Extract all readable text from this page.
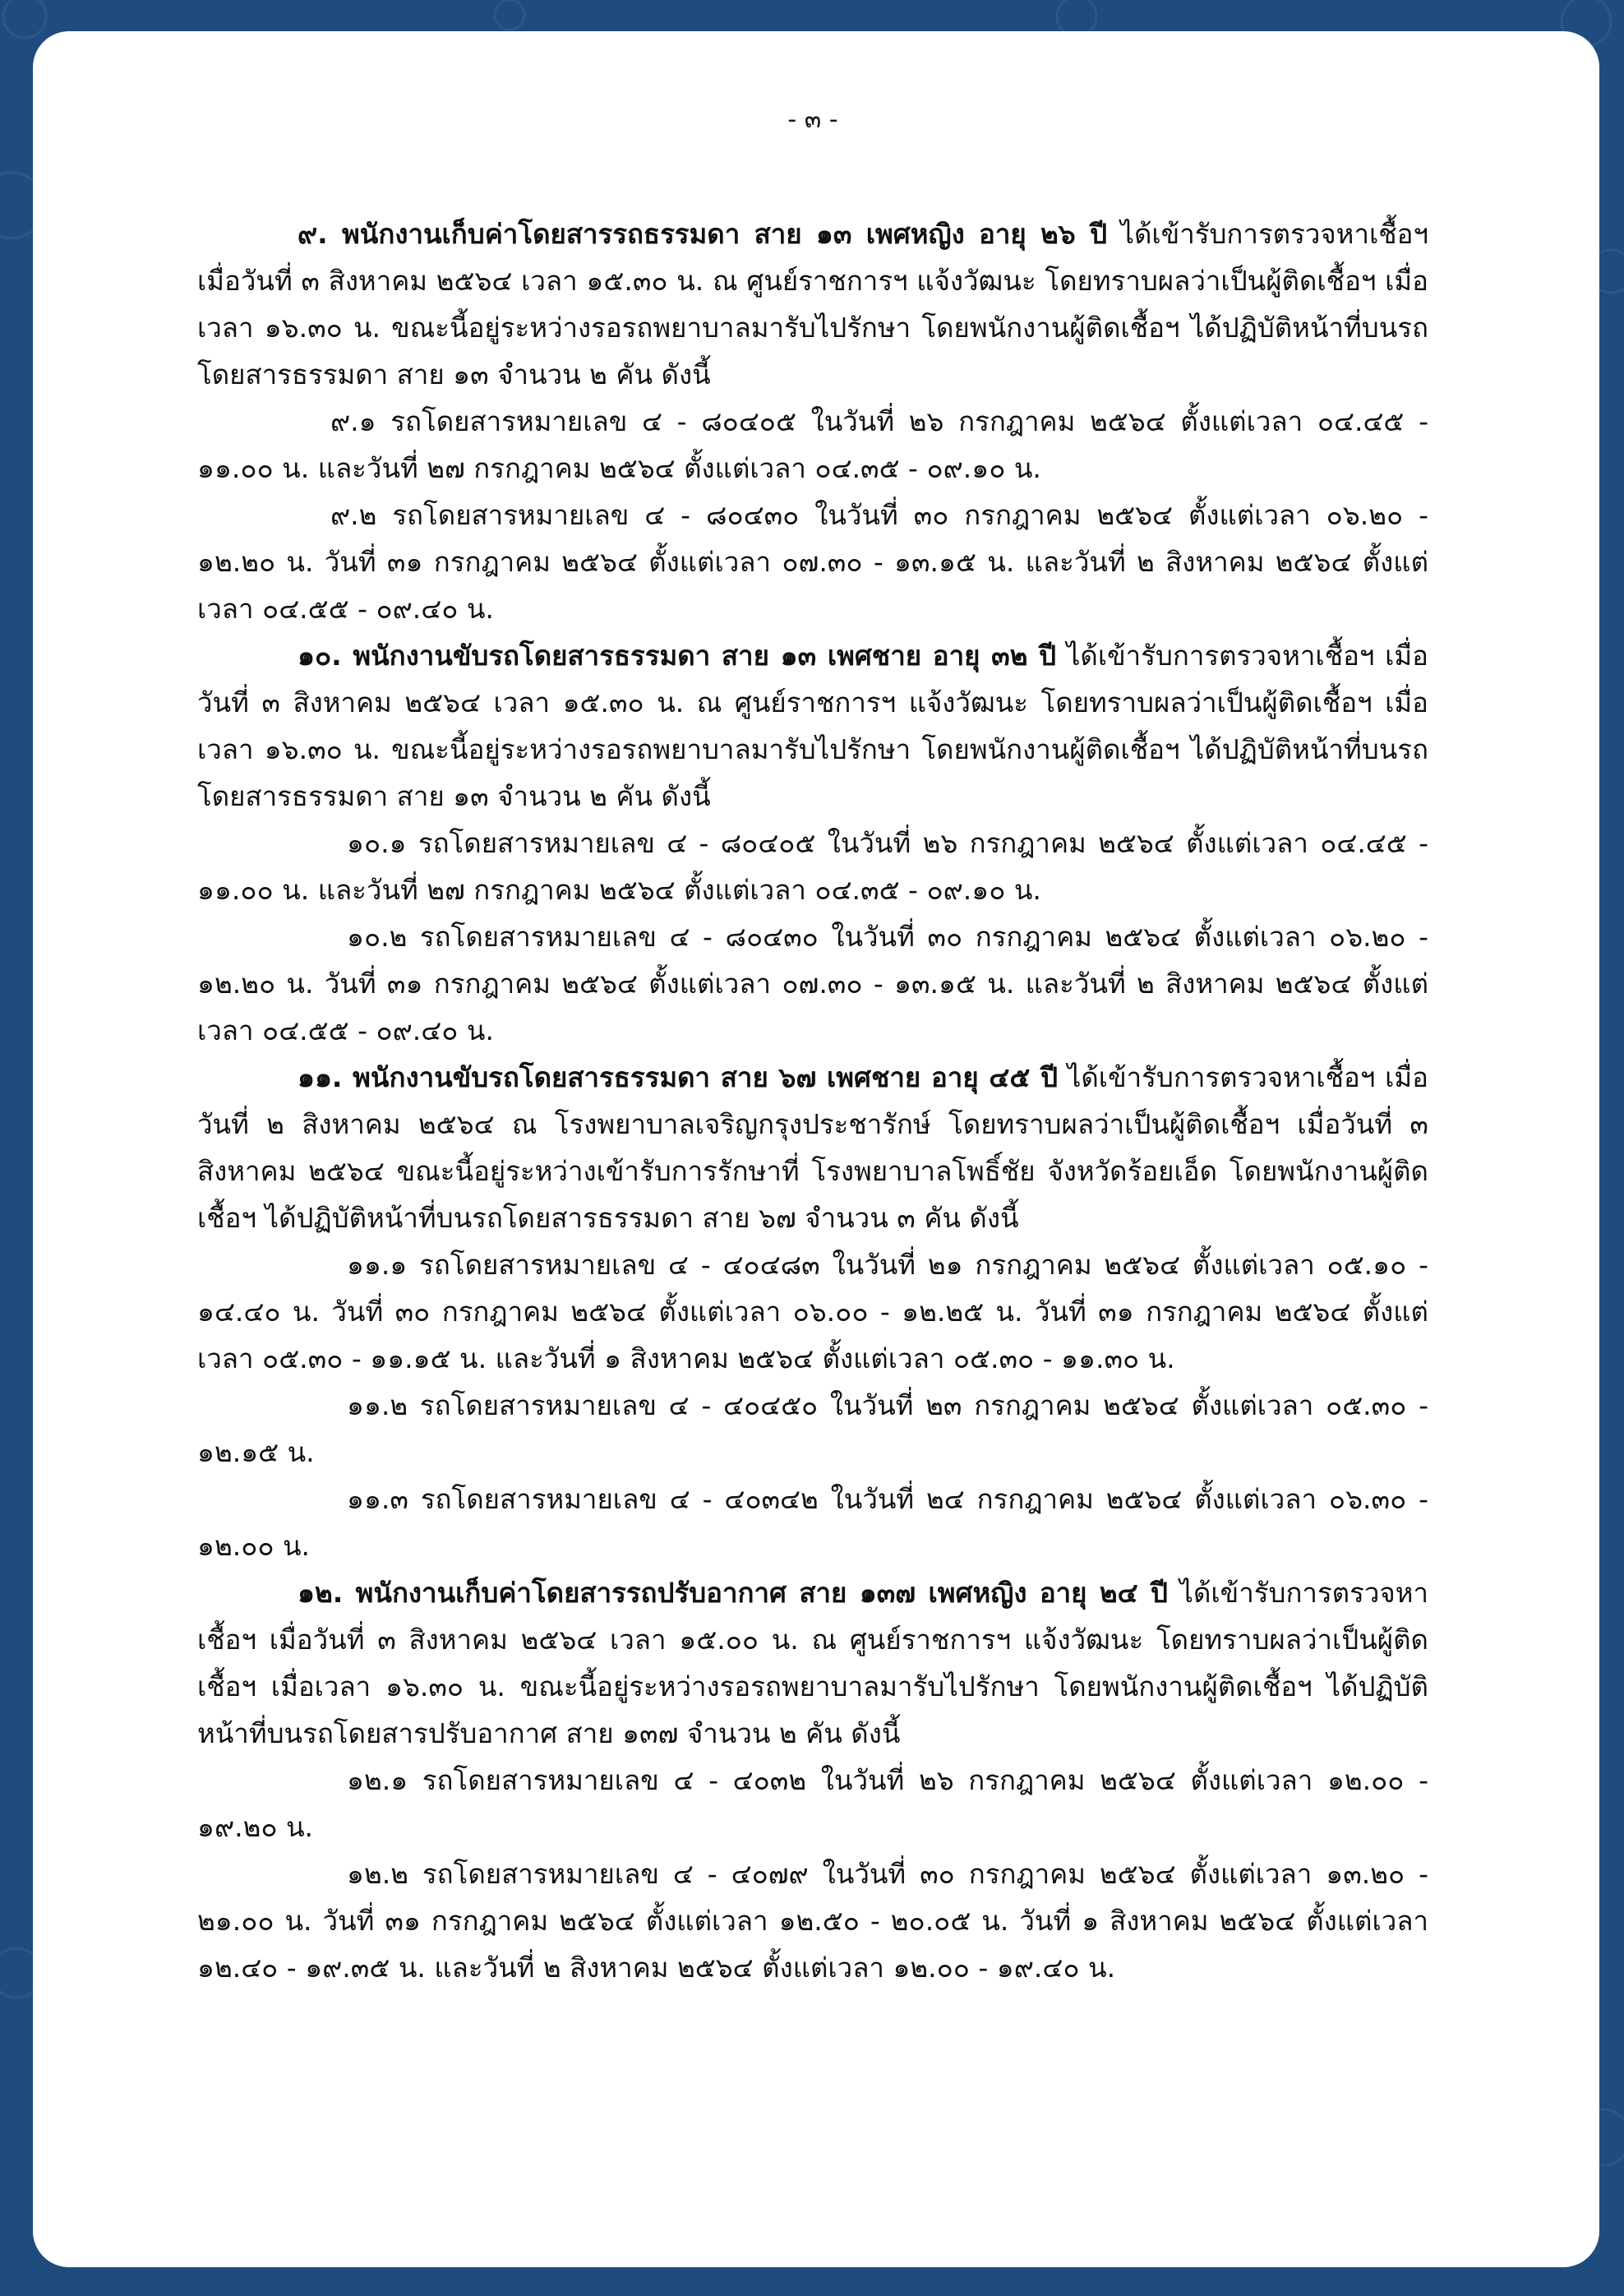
- ๓ -

๙. พนักงานเก็บค่าโดยสารรถธรรมดา สาย ๑๓ เพศหญิง อายุ ๒๖ ปี ได้เข้ารับการตรวจหาเชื้อฯ เมื่อวันที่ ๓ สิงหาคม ๒๕๖๔ เวลา ๑๕.๓๐ น. ณ ศูนย์ราชการฯ แจ้งวัฒนะ โดยทราบผลว่าเป็นผู้ติดเชื้อฯ เมื่อเวลา ๑๖.๓๐ น. ขณะนี้อยู่ระหว่างรอรถพยาบาลมารับไปรักษา โดยพนักงานผู้ติดเชื้อฯ ได้ปฏิบัติหน้าที่บนรถโดยสารธรรมดา สาย ๑๓ จำนวน ๒ คัน ดังนี้

๙.๑ รถโดยสารหมายเลข ๔ - ๘๐๔๐๕ ในวันที่ ๒๖ กรกฎาคม ๒๕๖๔ ตั้งแต่เวลา ๐๔.๔๕ - ๑๑.๐๐ น. และวันที่ ๒๗ กรกฎาคม ๒๕๖๔ ตั้งแต่เวลา ๐๔.๓๕ - ๐๙.๑๐ น.

๙.๒ รถโดยสารหมายเลข ๔ - ๘๐๔๓๐ ในวันที่ ๓๐ กรกฎาคม ๒๕๖๔ ตั้งแต่เวลา ๐๖.๒๐ - ๑๒.๒๐ น. วันที่ ๓๑ กรกฎาคม ๒๕๖๔ ตั้งแต่เวลา ๐๗.๓๐ - ๑๓.๑๕ น. และวันที่ ๒ สิงหาคม ๒๕๖๔ ตั้งแต่เวลา ๐๔.๕๕ - ๐๙.๔๐ น.

๑๐. พนักงานขับรถโดยสารธรรมดา สาย ๑๓ เพศชาย อายุ ๓๒ ปี ได้เข้ารับการตรวจหาเชื้อฯ เมื่อวันที่ ๓ สิงหาคม ๒๕๖๔ เวลา ๑๕.๓๐ น. ณ ศูนย์ราชการฯ แจ้งวัฒนะ โดยทราบผลว่าเป็นผู้ติดเชื้อฯ เมื่อเวลา ๑๖.๓๐ น. ขณะนี้อยู่ระหว่างรอรถพยาบาลมารับไปรักษา โดยพนักงานผู้ติดเชื้อฯ ได้ปฏิบัติหน้าที่บนรถโดยสารธรรมดา สาย ๑๓ จำนวน ๒ คัน ดังนี้

๑๐.๑ รถโดยสารหมายเลข ๔ - ๘๐๔๐๕ ในวันที่ ๒๖ กรกฎาคม ๒๕๖๔ ตั้งแต่เวลา ๐๔.๔๕ - ๑๑.๐๐ น. และวันที่ ๒๗ กรกฎาคม ๒๕๖๔ ตั้งแต่เวลา ๐๔.๓๕ - ๐๙.๑๐ น.

๑๐.๒ รถโดยสารหมายเลข ๔ - ๘๐๔๓๐ ในวันที่ ๓๐ กรกฎาคม ๒๕๖๔ ตั้งแต่เวลา ๐๖.๒๐ - ๑๒.๒๐ น. วันที่ ๓๑ กรกฎาคม ๒๕๖๔ ตั้งแต่เวลา ๐๗.๓๐ - ๑๓.๑๕ น. และวันที่ ๒ สิงหาคม ๒๕๖๔ ตั้งแต่เวลา ๐๔.๕๕ - ๐๙.๔๐ น.

๑๑. พนักงานขับรถโดยสารธรรมดา สาย ๖๗ เพศชาย อายุ ๔๕ ปี ได้เข้ารับการตรวจหาเชื้อฯ เมื่อวันที่ ๒ สิงหาคม ๒๕๖๔ ณ โรงพยาบาลเจริญกรุงประชารักษ์ โดยทราบผลว่าเป็นผู้ติดเชื้อฯ เมื่อวันที่ ๓ สิงหาคม ๒๕๖๔ ขณะนี้อยู่ระหว่างเข้ารับการรักษาที่ โรงพยาบาลโพธิ์ชัย จังหวัดร้อยเอ็ด โดยพนักงานผู้ติดเชื้อฯ ได้ปฏิบัติหน้าที่บนรถโดยสารธรรมดา สาย ๖๗ จำนวน ๓ คัน ดังนี้

๑๑.๑ รถโดยสารหมายเลข ๔ - ๔๐๔๘๓ ในวันที่ ๒๑ กรกฎาคม ๒๕๖๔ ตั้งแต่เวลา ๐๕.๑๐ - ๑๔.๔๐ น. วันที่ ๓๐ กรกฎาคม ๒๕๖๔ ตั้งแต่เวลา ๐๖.๐๐ - ๑๒.๒๕ น. วันที่ ๓๑ กรกฎาคม ๒๕๖๔ ตั้งแต่เวลา ๐๕.๓๐ - ๑๑.๑๕ น. และวันที่ ๑ สิงหาคม ๒๕๖๔ ตั้งแต่เวลา ๐๕.๓๐ - ๑๑.๓๐ น.

๑๑.๒ รถโดยสารหมายเลข ๔ - ๔๐๔๕๐ ในวันที่ ๒๓ กรกฎาคม ๒๕๖๔ ตั้งแต่เวลา ๐๕.๓๐ - ๑๒.๑๕ น.

๑๑.๓ รถโดยสารหมายเลข ๔ - ๔๐๓๔๒ ในวันที่ ๒๔ กรกฎาคม ๒๕๖๔ ตั้งแต่เวลา ๐๖.๓๐ - ๑๒.๐๐ น.

๑๒. พนักงานเก็บค่าโดยสารรถปรับอากาศ สาย ๑๓๗ เพศหญิง อายุ ๒๔ ปี ได้เข้ารับการตรวจหาเชื้อฯ เมื่อวันที่ ๓ สิงหาคม ๒๕๖๔ เวลา ๑๕.๐๐ น. ณ ศูนย์ราชการฯ แจ้งวัฒนะ โดยทราบผลว่าเป็นผู้ติดเชื้อฯ เมื่อเวลา ๑๖.๓๐ น. ขณะนี้อยู่ระหว่างรอรถพยาบาลมารับไปรักษา โดยพนักงานผู้ติดเชื้อฯ ได้ปฏิบัติหน้าที่บนรถโดยสารปรับอากาศ สาย ๑๓๗ จำนวน ๒ คัน ดังนี้

๑๒.๑ รถโดยสารหมายเลข ๔ - ๔๐๓๒ ในวันที่ ๒๖ กรกฎาคม ๒๕๖๔ ตั้งแต่เวลา ๑๒.๐๐ - ๑๙.๒๐ น.

๑๒.๒ รถโดยสารหมายเลข ๔ - ๔๐๗๙ ในวันที่ ๓๐ กรกฎาคม ๒๕๖๔ ตั้งแต่เวลา ๑๓.๒๐ - ๒๑.๐๐ น. วันที่ ๓๑ กรกฎาคม ๒๕๖๔ ตั้งแต่เวลา ๑๒.๕๐ - ๒๐.๐๕ น. วันที่ ๑ สิงหาคม ๒๕๖๔ ตั้งแต่เวลา ๑๒.๔๐ - ๑๙.๓๕ น. และวันที่ ๒ สิงหาคม ๒๕๖๔ ตั้งแต่เวลา ๑๒.๐๐ - ๑๙.๔๐ น.
